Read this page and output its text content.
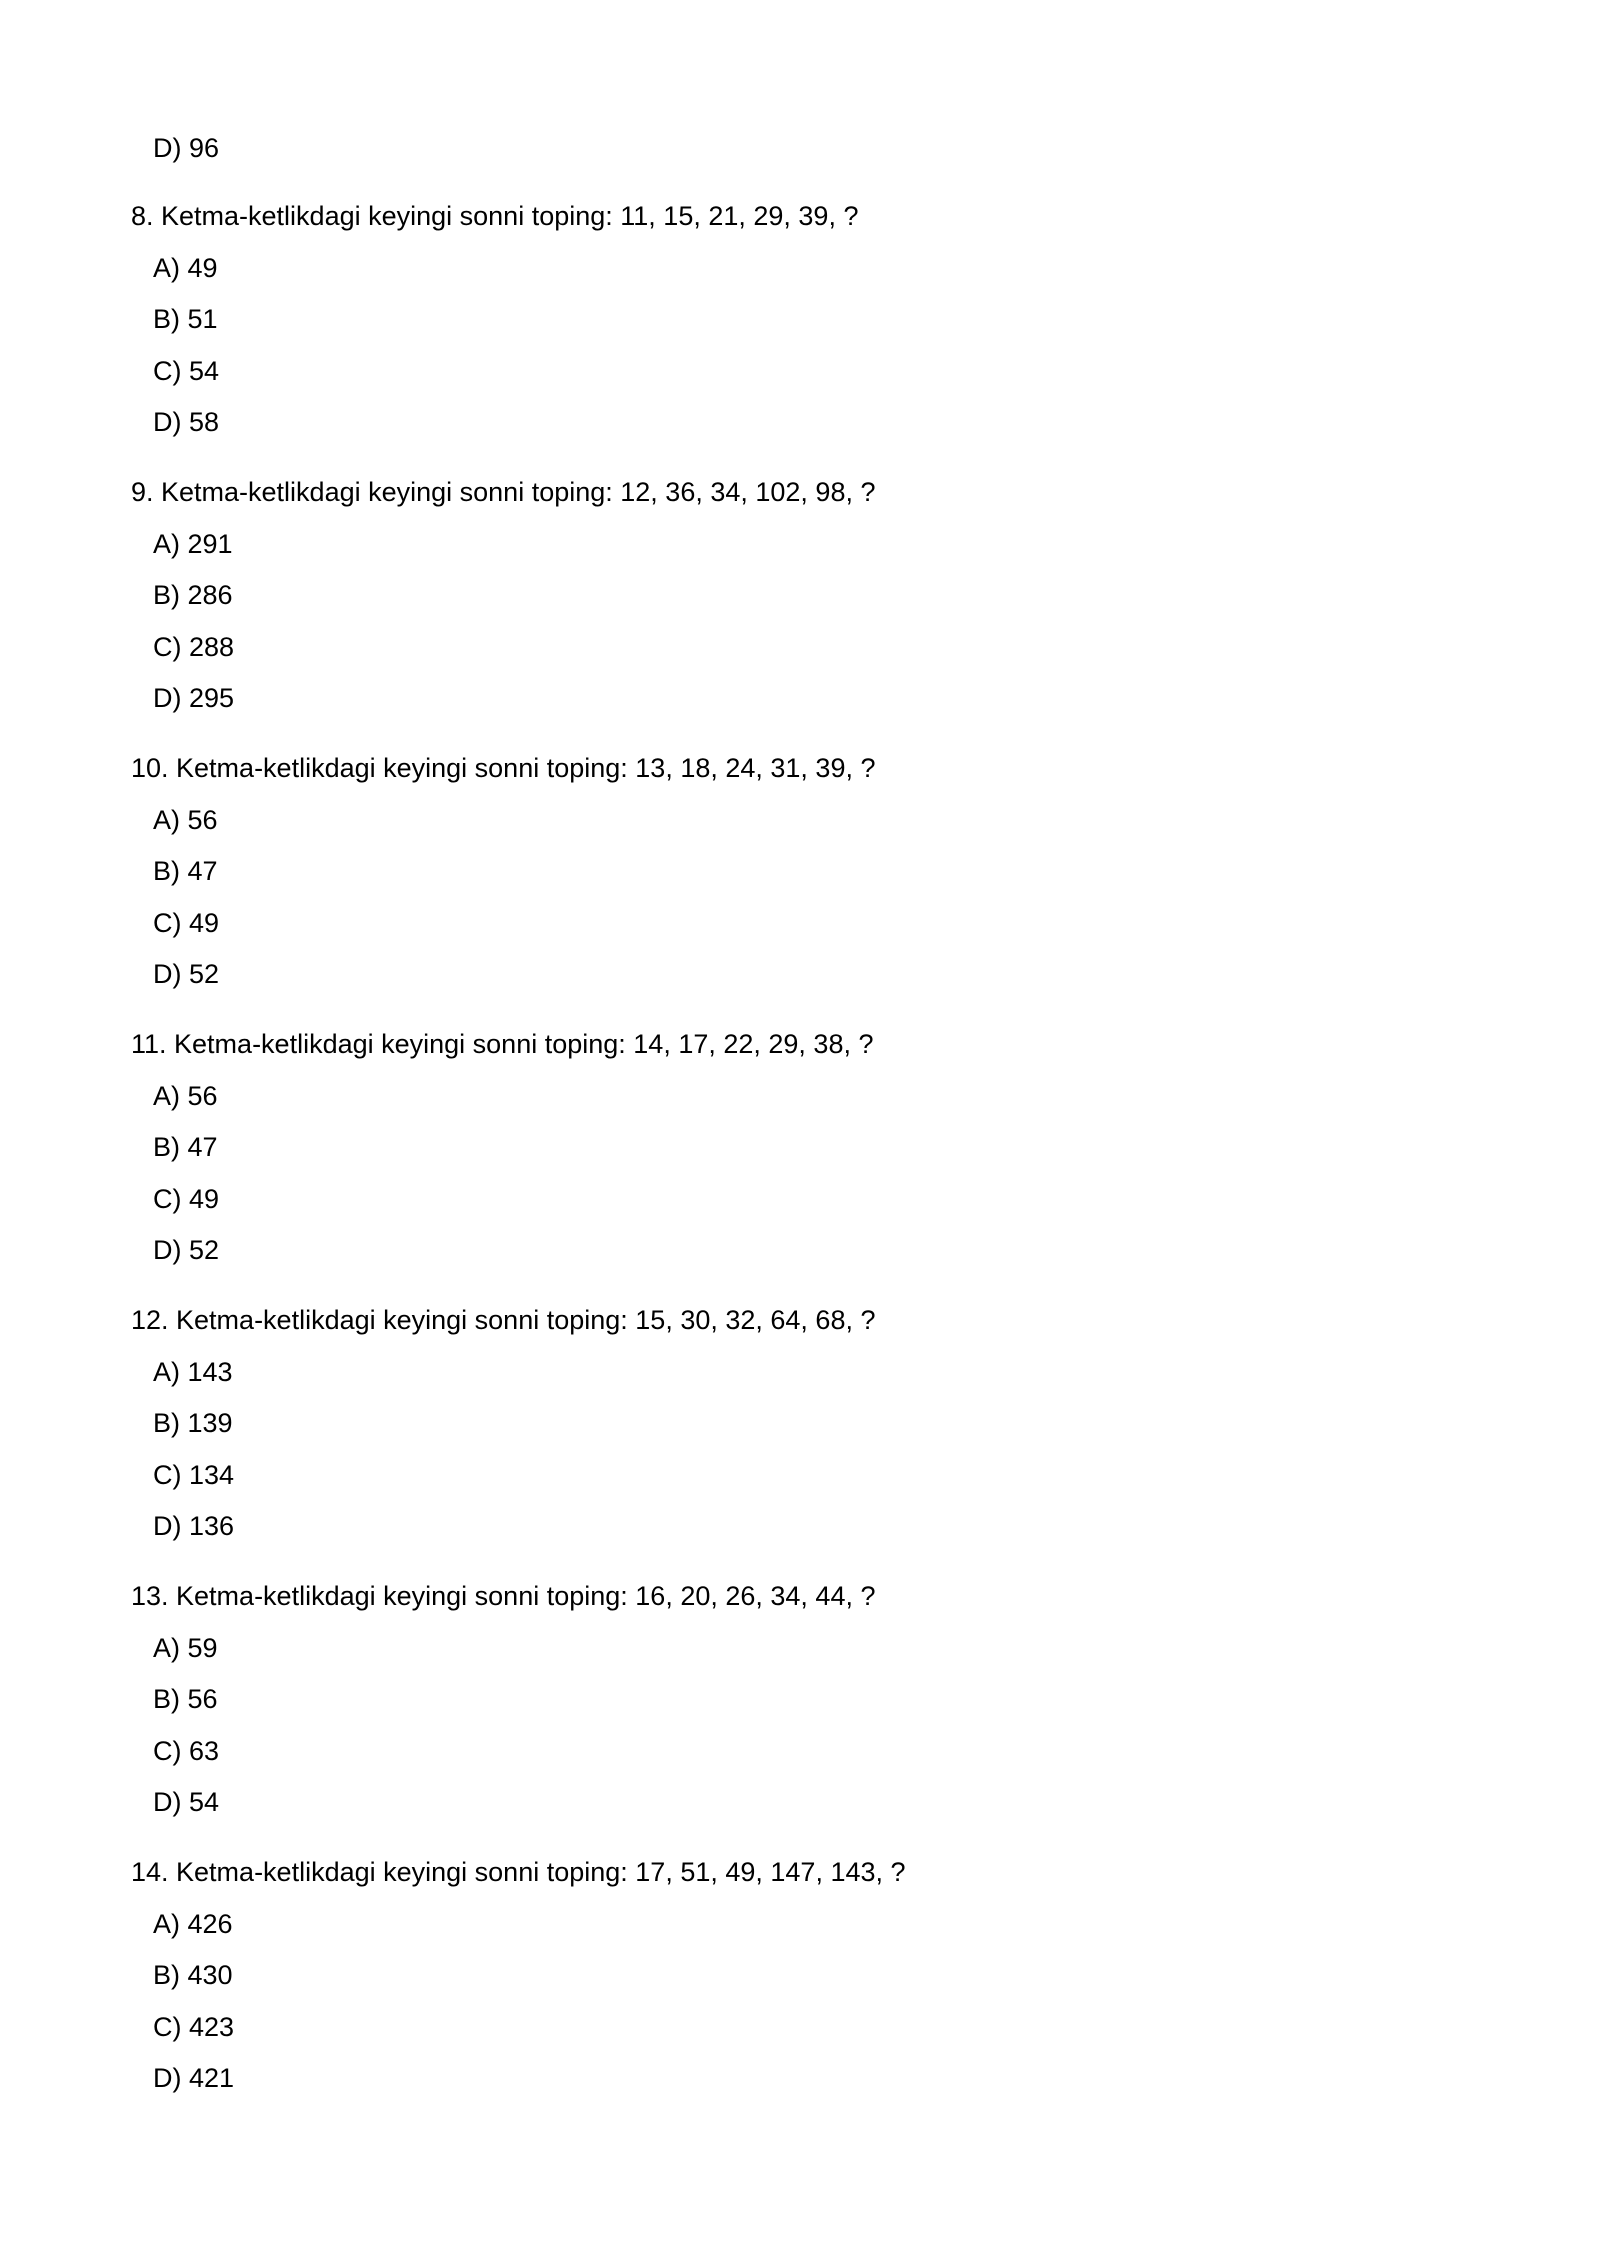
D) 96
8. Ketma-ketlikdagi keyingi sonni toping: 11, 15, 21, 29, 39, ?
A) 49
B) 51
C) 54
D) 58
9. Ketma-ketlikdagi keyingi sonni toping: 12, 36, 34, 102, 98, ?
A) 291
B) 286
C) 288
D) 295
10. Ketma-ketlikdagi keyingi sonni toping: 13, 18, 24, 31, 39, ?
A) 56
B) 47
C) 49
D) 52
11. Ketma-ketlikdagi keyingi sonni toping: 14, 17, 22, 29, 38, ?
A) 56
B) 47
C) 49
D) 52
12. Ketma-ketlikdagi keyingi sonni toping: 15, 30, 32, 64, 68, ?
A) 143
B) 139
C) 134
D) 136
13. Ketma-ketlikdagi keyingi sonni toping: 16, 20, 26, 34, 44, ?
A) 59
B) 56
C) 63
D) 54
14. Ketma-ketlikdagi keyingi sonni toping: 17, 51, 49, 147, 143, ?
A) 426
B) 430
C) 423
D) 421
